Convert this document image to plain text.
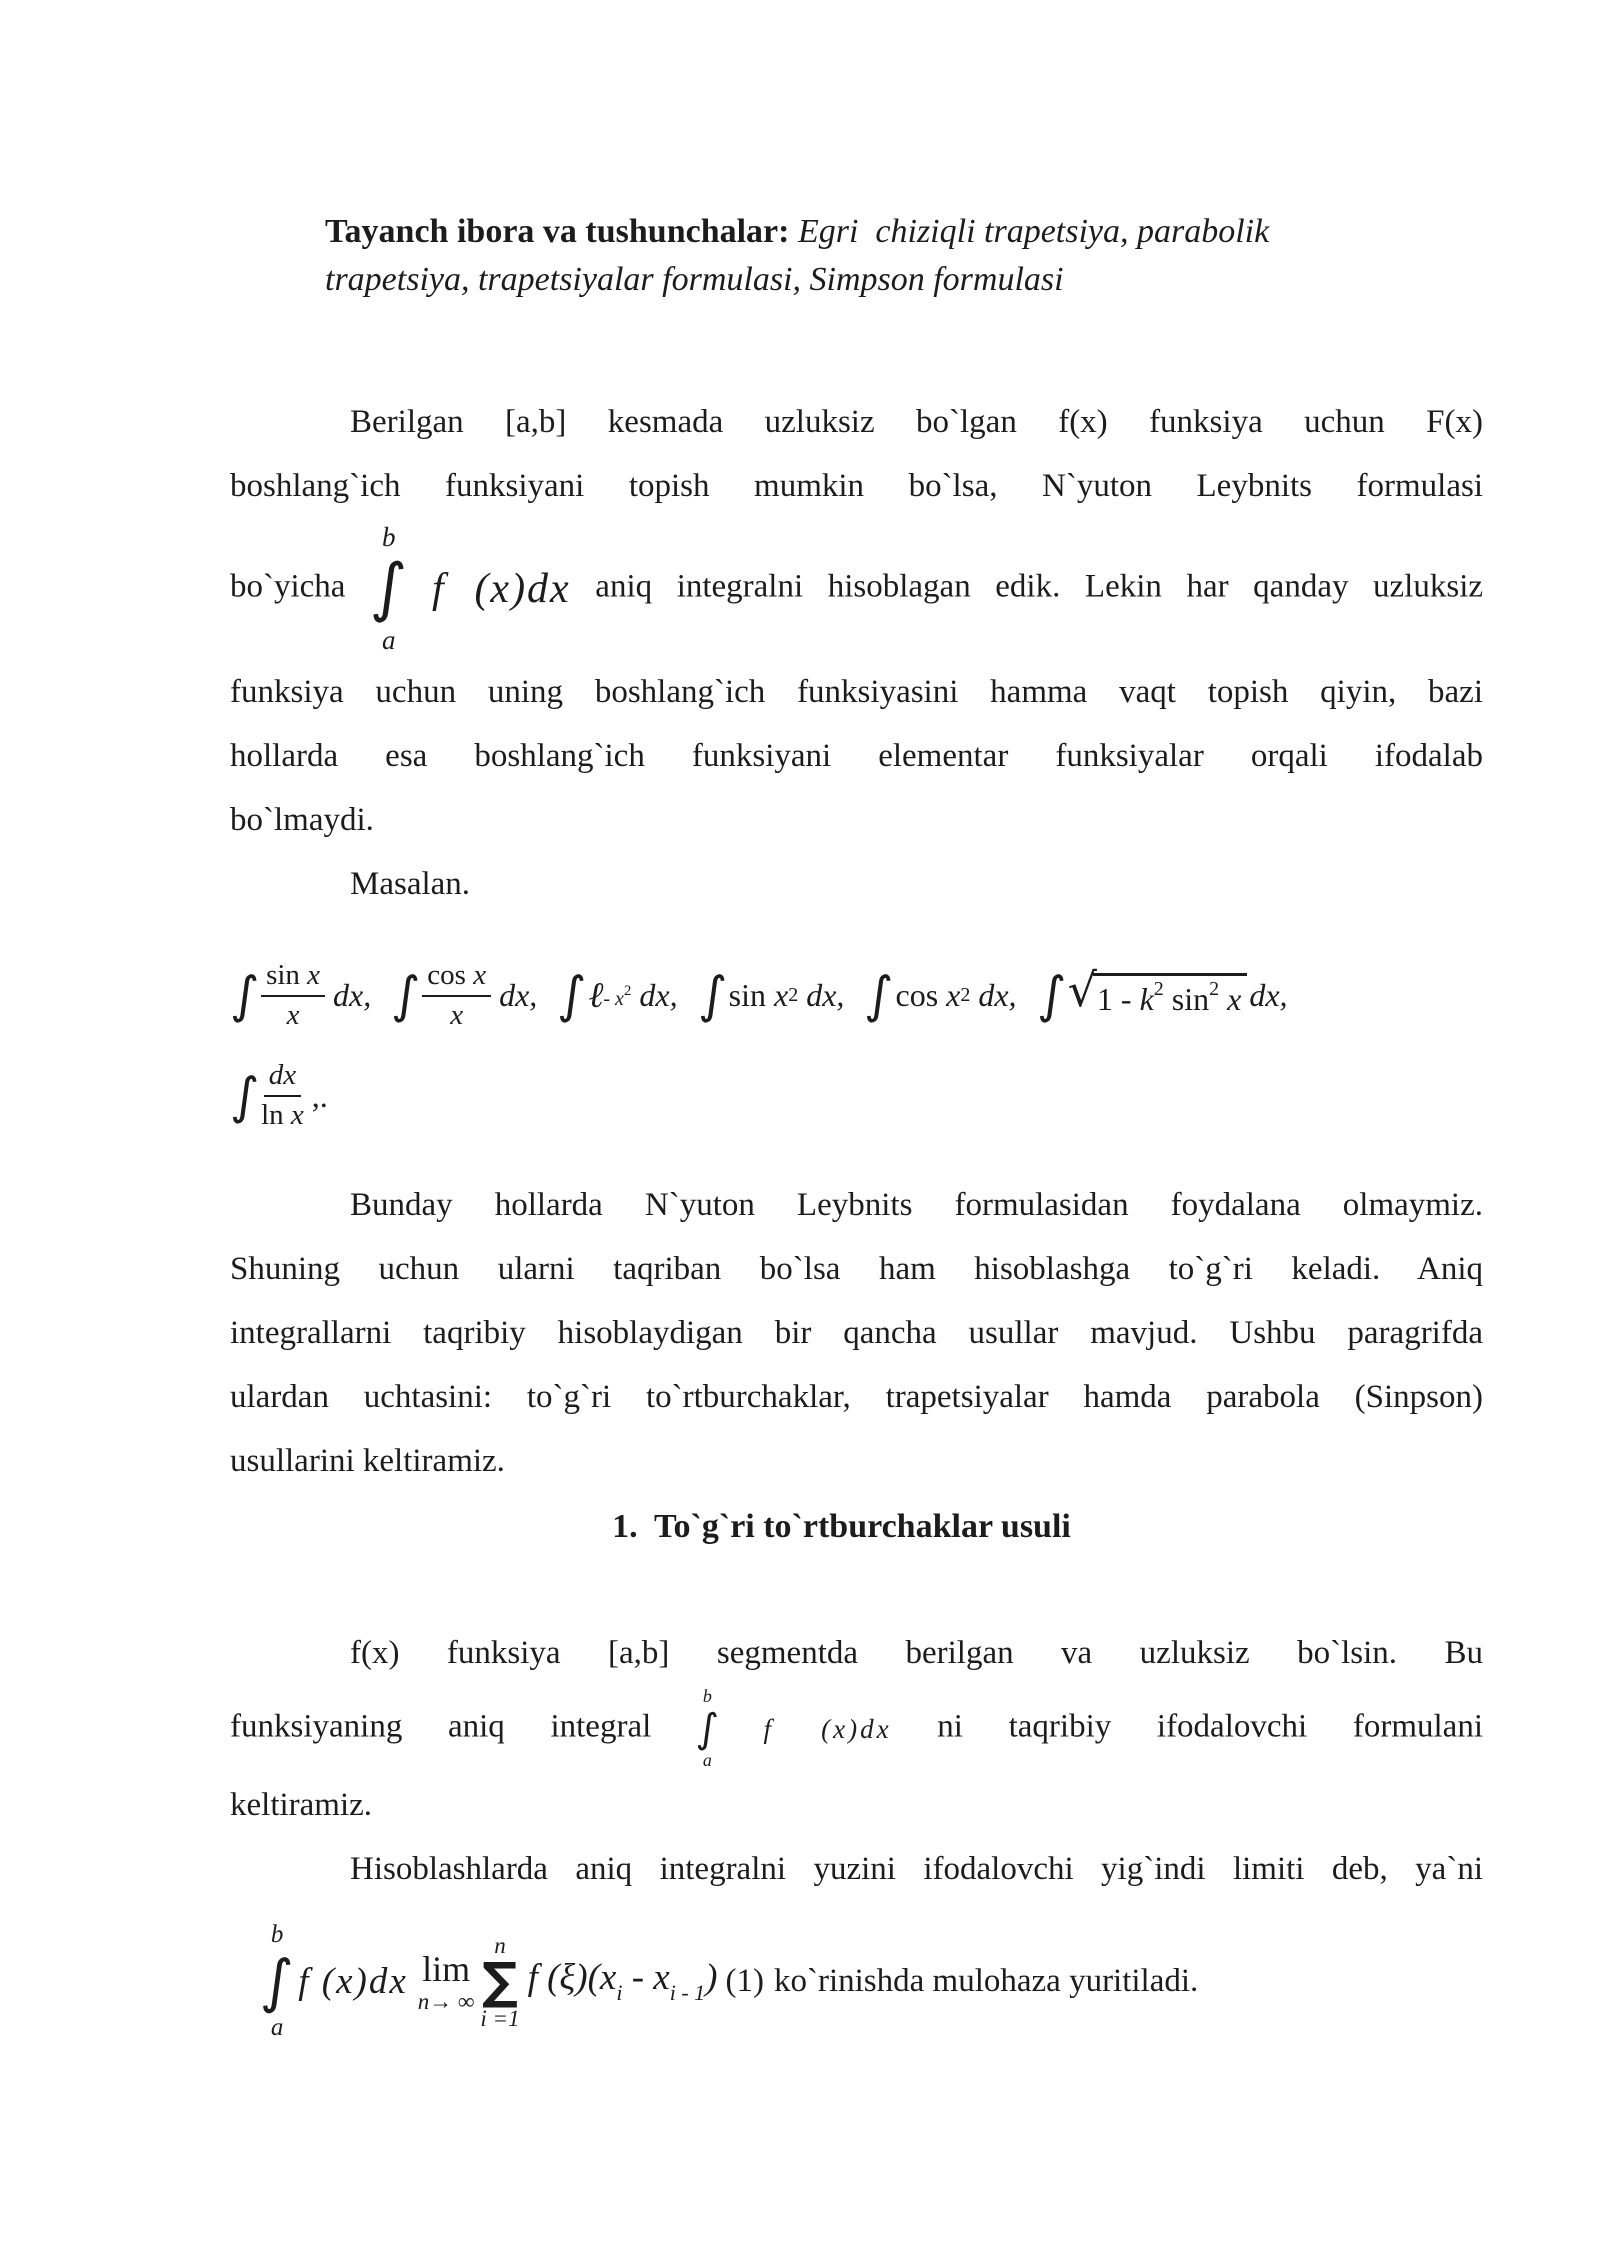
Tayanch ibora va tushunchalar: Egri  chiziqli trapetsiya, parabolik

trapetsiya, trapetsiyalar formulasi, Simpson formulasi

Berilgan [a,b] kesmada uzluksiz bo`lgan f(x) funksiya uchun F(x)

boshlang`ich funksiyani topish mumkin bo`lsa, N`yuton Leybnits formulasi

bo`yicha
b
∫
a
f (x)dx aniq integralni hisoblagan edik. Lekin har qanday uzluksiz

funksiya uchun uning boshlang`ich funksiyasini hamma vaqt topish qiyin, bazi

hollarda esa boshlang`ich funksiyani elementar funksiyalar orqali ifodalab

bo`lmaydi.

Masalan.

∫ $\frac{\text{sin x}}{x}$ dx, ∫ $\frac{\text{cos x}}{x}$ dx, ∫ ℓ - $x^2$ dx, ∫ sin
x 2 dx, ∫ cos
x 2 dx, ∫ √ $1 - k^2$ $\sin^2 x$ dx,
∫ $\frac{dx}{\text{ln x}}$ ,.

Bunday hollarda N`yuton Leybnits formulasidan foydalana olmaymiz.

Shuning uchun ularni taqriban bo`lsa ham hisoblashga to`g`ri keladi. Aniq

integrallarni taqribiy hisoblaydigan bir qancha usullar mavjud. Ushbu paragrifda

ulardan uchtasini: to`g`ri to`rtburchaklar, trapetsiyalar hamda parabola (Sinpson)

usullarini keltiramiz.

1.  To`g`ri to`rtburchaklar usuli

f(x) funksiya [a,b] segmentda berilgan va uzluksiz bo`lsin. Bu

funksiyaning aniq integral
b
∫
a
f (x)dx ni taqribiy ifodalovchi formulani

keltiramiz.

Hisoblashlarda aniq integralni yuzini ifodalovchi yig`indi limiti deb, ya`ni

b
∫
a
f (x)dx lim
n→ ∞
n
∑
i =1
f $(\xi)(x_i - x_{i - 1})$ (1) ko`rinishda mulohaza yuritiladi.
